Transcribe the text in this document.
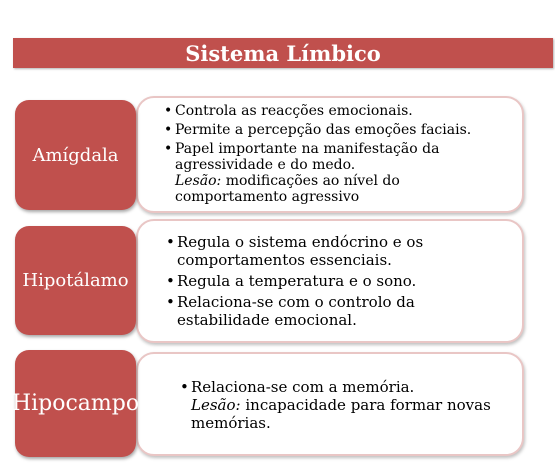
Sistema Límbico
• Controla as reacções emocionais.
• Permite a percepção das emoções faciais.
• Papel importante na manifestação da agressividade e do medo.
Lesão: modificações ao nível do comportamento agressivo
Amígdala
• Regula o sistema endócrino e os comportamentos essenciais.
• Regula a temperatura e o sono.
• Relaciona-se com o controlo da estabilidade emocional.
Hipotálamo
• Relaciona-se com a memória.
Lesão: incapacidade para formar novas memórias.
Hipocampo
